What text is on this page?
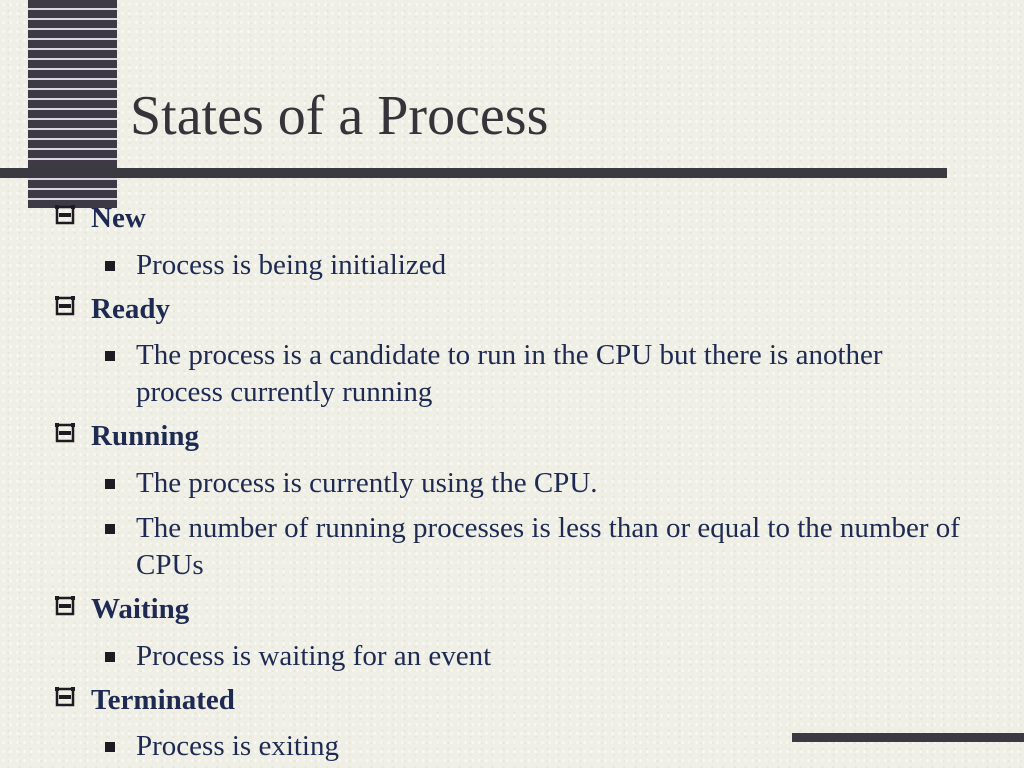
States of a Process
New
Process is being initialized
Ready
The process is a candidate to run in the CPU but there is another process currently running
Running
The process is currently using the CPU.
The number of running processes is less than or equal to the number of CPUs
Waiting
Process is waiting for an event
Terminated
Process is exiting
